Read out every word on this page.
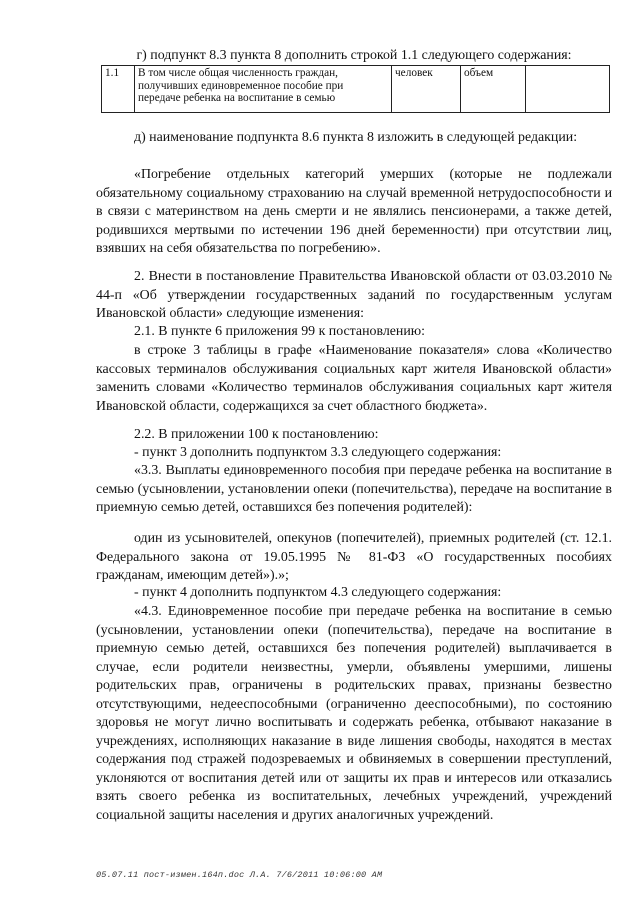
г) подпункт 8.3 пункта 8 дополнить строкой 1.1 следующего содержания:

1.1	В том числе общая численность граждан, получивших единовременное пособие при передаче ребенка на воспитание в семью	человек	объем	

д) наименование подпункта 8.6 пункта 8 изложить в следующей редакции:

«Погребение отдельных категорий умерших (которые не подлежали обязательному социальному страхованию на случай временной нетрудоспособности и в связи с материнством на день смерти и не являлись пенсионерами, а также детей, родившихся мертвыми по истечении 196 дней беременности) при отсутствии лиц, взявших на себя обязательства по погребению».

2. Внести в постановление Правительства Ивановской области от 03.03.2010 № 44-п «Об утверждении государственных заданий по государственным услугам Ивановской области» следующие изменения:

2.1. В пункте 6 приложения 99 к постановлению:

в строке 3 таблицы в графе «Наименование показателя» слова «Количество кассовых терминалов обслуживания социальных карт жителя Ивановской области» заменить словами «Количество терминалов обслуживания социальных карт жителя Ивановской области, содержащихся за счет областного бюджета».

2.2. В приложении 100 к постановлению:

- пункт 3 дополнить подпунктом 3.3 следующего содержания:

«3.3. Выплаты единовременного пособия при передаче ребенка на воспитание в семью (усыновлении, установлении опеки (попечительства), передаче на воспитание в приемную семью детей, оставшихся без попечения родителей):

один из усыновителей, опекунов (попечителей), приемных родителей (ст. 12.1. Федерального закона от 19.05.1995 № 81-ФЗ «О государственных пособиях гражданам, имеющим детей»).»;

- пункт 4 дополнить подпунктом 4.3 следующего содержания:

«4.3. Единовременное пособие при передаче ребенка на воспитание в семью (усыновлении, установлении опеки (попечительства), передаче на воспитание в приемную семью детей, оставшихся без попечения родителей) выплачивается в случае, если родители неизвестны, умерли, объявлены умершими, лишены родительских прав, ограничены в родительских правах, признаны безвестно отсутствующими, недееспособными (ограниченно дееспособными), по состоянию здоровья не могут лично воспитывать и содержать ребенка, отбывают наказание в учреждениях, исполняющих наказание в виде лишения свободы, находятся в местах содержания под стражей подозреваемых и обвиняемых в совершении преступлений, уклоняются от воспитания детей или от защиты их прав и интересов или отказались взять своего ребенка из воспитательных, лечебных учреждений, учреждений социальной защиты населения и других аналогичных учреждений.

05.07.11 пост-измен.164п.doc Л.А. 7/6/2011 10:06:00 AM
